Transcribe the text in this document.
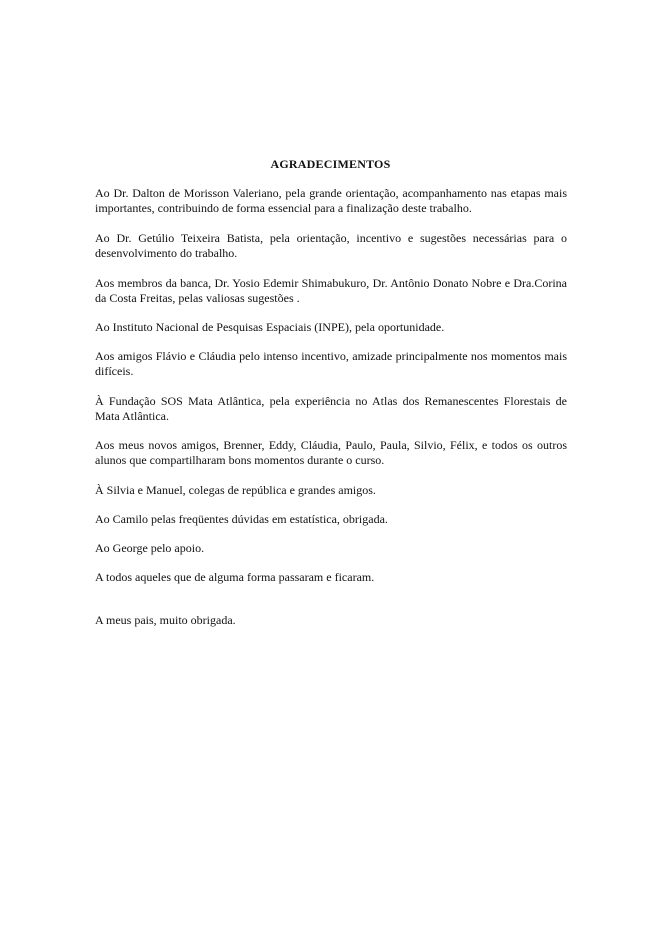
AGRADECIMENTOS

Ao Dr. Dalton de Morisson Valeriano, pela grande orientação, acompanhamento nas etapas mais importantes, contribuindo de forma essencial para a finalização deste trabalho.

Ao Dr. Getúlio Teixeira Batista, pela orientação, incentivo e sugestões necessárias para o desenvolvimento do trabalho.

Aos membros da banca, Dr. Yosio Edemir Shimabukuro, Dr. Antônio Donato Nobre e Dra.Corina da Costa Freitas, pelas valiosas sugestões .

Ao Instituto Nacional de Pesquisas Espaciais (INPE), pela oportunidade.

Aos amigos Flávio e Cláudia pelo intenso incentivo, amizade principalmente nos momentos mais difíceis.

À Fundação SOS Mata Atlântica, pela experiência no Atlas dos Remanescentes Florestais de Mata Atlântica.

Aos meus novos amigos, Brenner, Eddy, Cláudia, Paulo, Paula, Silvio, Félix, e todos os outros alunos que compartilharam bons momentos durante o curso.

À Silvia e Manuel, colegas de república e grandes amigos.

Ao Camilo pelas freqüentes dúvidas em estatística, obrigada.

Ao George pelo apoio.

A todos aqueles que de alguma forma passaram e ficaram.

A meus pais, muito obrigada.
